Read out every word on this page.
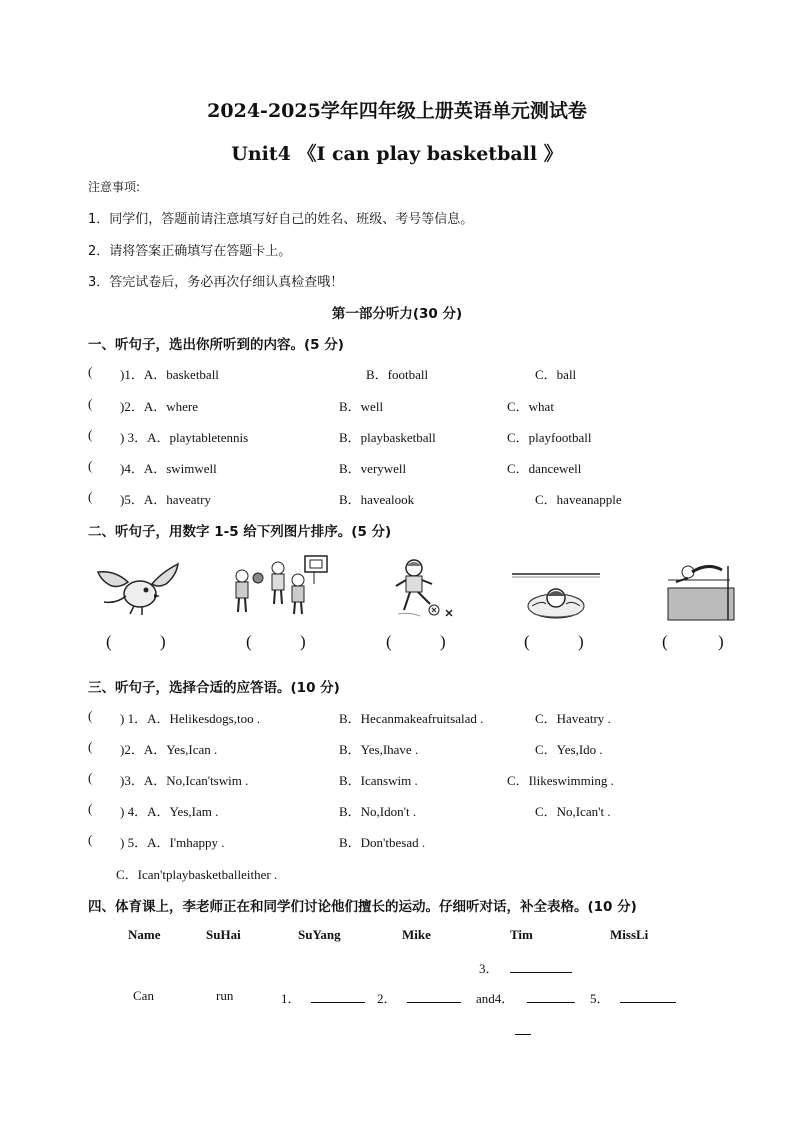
2024-2025学年四年级上册英语单元测试卷
Unit4 《I can play basketball 》
注意事项:
1．同学们，答题前请注意填写好自己的姓名、班级、考号等信息。
2．请将答案正确填写在答题卡上。
3．答完试卷后，务必再次仔细认真检查哦！
第一部分听力(30 分)
一、听句子，选出你所听到的内容。(5 分)
( )1．A．basketball	B．football	C．ball
( )2．A．where	B．well	C．what
( ) 3．A．playtabletennis	B．playbasketball	C．playfootball
( )4．A．swimwell	B．verywell	C．dancewell
( )5．A．haveatry	B．havealook	C．haveanapple
二、听句子，用数字 1-5 给下列图片排序。(5 分)
(	)	(	)	(	)	(	)	(	)
三、听句子，选择合适的应答语。(10 分)
( ) 1．A．Helikesdogs,too .	B．Hecanmakeafruitsalad .	C．Haveatry .
( )2．A．Yes,Ican .	B．Yes,Ihave .	C．Yes,Ido .
( )3．A．No,Ican'tswim .	B．Icanswim .	C．Ilikeswimming .
( ) 4．A．Yes,Iam .	B．No,Idon't .	C．No,Ican't .
( ) 5．A．I'mhappy .	B．Don'tbesad .
C．Ican'tplaybasketballeither .
四、体育课上，李老师正在和同学们讨论他们擅长的运动。仔细听对话，补全表格。(10 分)
Name	SuHai	SuYang	Mike	Tim	MissLi
3．
Can	run	1．	2．	and4．	5．
